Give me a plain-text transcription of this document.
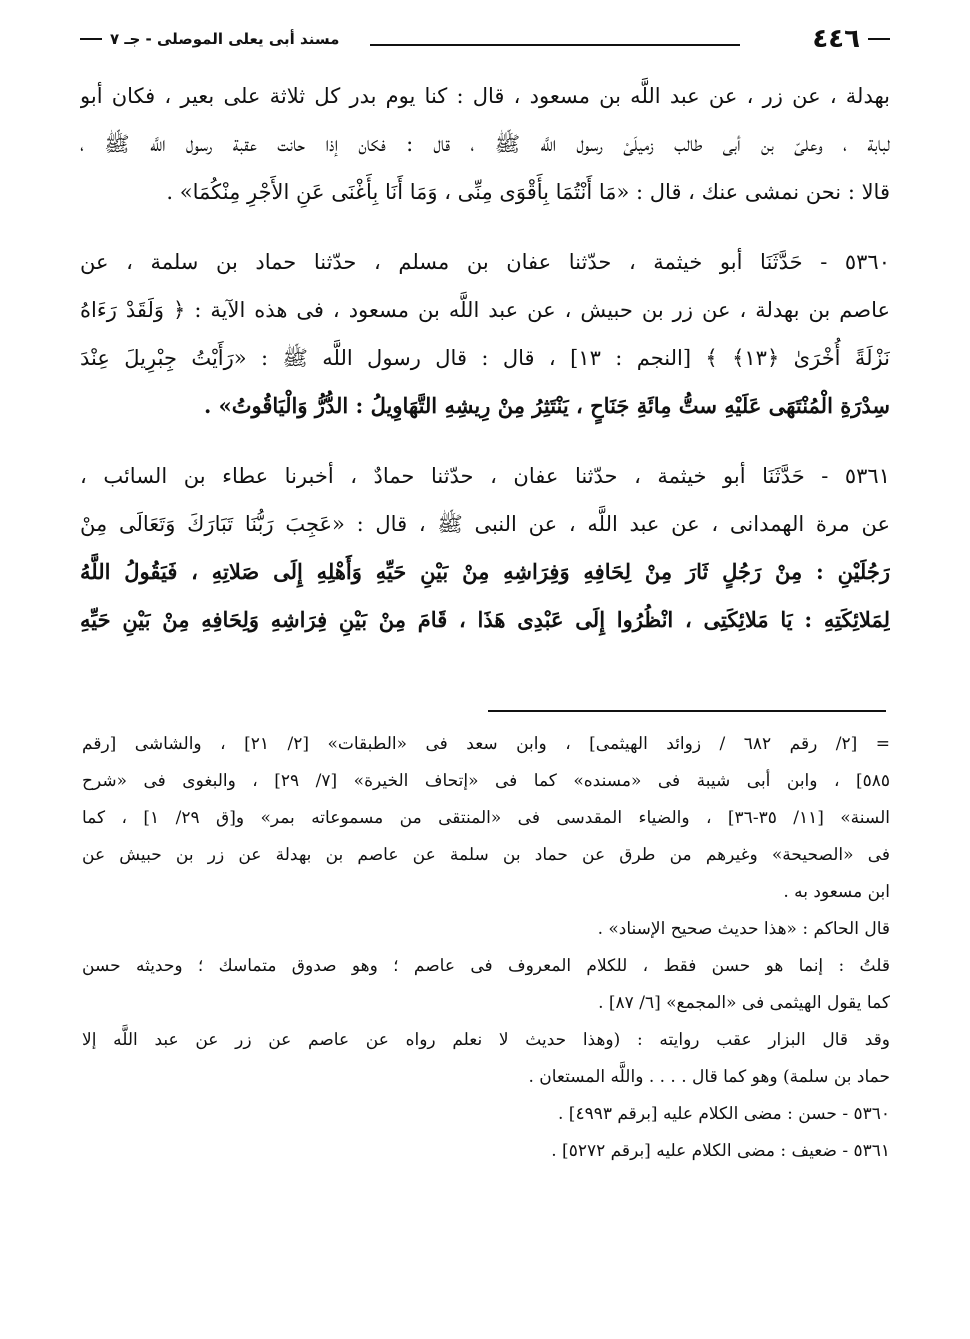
٤٤٦
مسند أبى يعلى الموصلى - جـ ٧
بهدلة ، عن زر ، عن عبد اللَّه بن مسعود ، قال : كنا يوم بدر كل ثلاثة على بعير ، فكان أبو
لبابة ، وعلىّ بن أبى طالب زميلَىْ رسول اللَّه ﷺ ، قال : فكان إذا حانت عقبة رسول اللَّه ﷺ ،
قالا : نحن نمشى عنك ، قال : «مَا أَنْتُمَا بِأَقْوَى مِنِّى ، وَمَا أَنَا بِأَغْنَى عَنِ الأَجْرِ مِنْكُمَا» .
٥٣٦٠ - حَدَّثَنَا أبو خيثمة ، حدّثنا عفان بن مسلم ، حدّثنا حماد بن سلمة ، عن
عاصم بن بهدلة ، عن زر بن حبيش ، عن عبد اللَّه بن مسعود ، فى هذه الآية : ﴿ وَلَقَدْ رَءَاهُ
نَزْلَةً أُخْرَىٰ ﴿١٣﴾ ﴾ [النجم : ١٣] ، قال : قال رسول اللَّه ﷺ : «رَأَيْتُ جِبْرِيلَ عِنْدَ
سِدْرَةِ الْمُنْتَهَى عَلَيْهِ ستُّ مِائَةِ جَنَاحٍ ، يَنْتَثِرُ مِنْ رِيشِهِ التَّهَاوِيلُ : الدُّرُّ وَالْيَاقُوتُ» .
٥٣٦١ - حَدَّثَنَا أبو خيثمة ، حدّثنا عفان ، حدّثنا حمادٌ ، أخبرنا عطاء بن السائب ،
عن مرة الهمدانى ، عن عبد اللَّه ، عن النبى ﷺ ، قال : «عَجِبَ رَبُّنَا تَبَارَكَ وَتَعَالَى مِنْ
رَجُلَيْنِ : مِنْ رَجُلٍ ثَارَ مِنْ لِحَافِهِ وَفِرَاشِهِ مِنْ بَيْنِ حَيِّهِ وَأَهْلِهِ إِلَى صَلاتِهِ ، فَيَقُولُ اللَّهُ
لِمَلائِكَتِهِ : يَا مَلائِكَتِى ، انْظُرُوا إِلَى عَبْدِى هَذَا ، قَامَ مِنْ بَيْنِ فِرَاشِهِ وَلِحَافِهِ مِنْ بَيْنِ حَيِّهِ
= [٢/ رقم ٦٨٢ / زوائد الهيثمى] ، وابن سعد فى «الطبقات» [٢/ ٢١] ، والشاشى [رقم
٥٨٥] ، وابن أبى شيبة فى «مسنده» كما فى «إتحاف الخيرة» [٧/ ٢٩] ، والبغوى فى «شرح
السنة» [١١/ ٣٥-٣٦] ، والضياء المقدسى فى «المنتقى من مسموعاته بمر» و[ق ٢٩/ ١] ، كما
فى «الصحيحة» وغيرهم من طرق عن حماد بن سلمة عن عاصم بن بهدلة عن زر بن حبيش عن
ابن مسعود به .
قال الحاكم : «هذا حديث صحيح الإسناد» .
قلتُ : إنما هو حسن فقط ، للكلام المعروف فى عاصم ؛ وهو صدوق متماسك ؛ وحديثه حسن
كما يقول الهيثمى فى «المجمع» [٦/ ٨٧] .
وقد قال البزار عقب روايته : (وهذا حديث لا نعلم رواه عن عاصم عن زر عن عبد اللَّه إلا
حماد بن سلمة) وهو كما قال . . . . واللَّه المستعان .
٥٣٦٠ - حسن : مضى الكلام عليه [برقم ٤٩٩٣] .
٥٣٦١ - ضعيف : مضى الكلام عليه [برقم ٥٢٧٢] .
